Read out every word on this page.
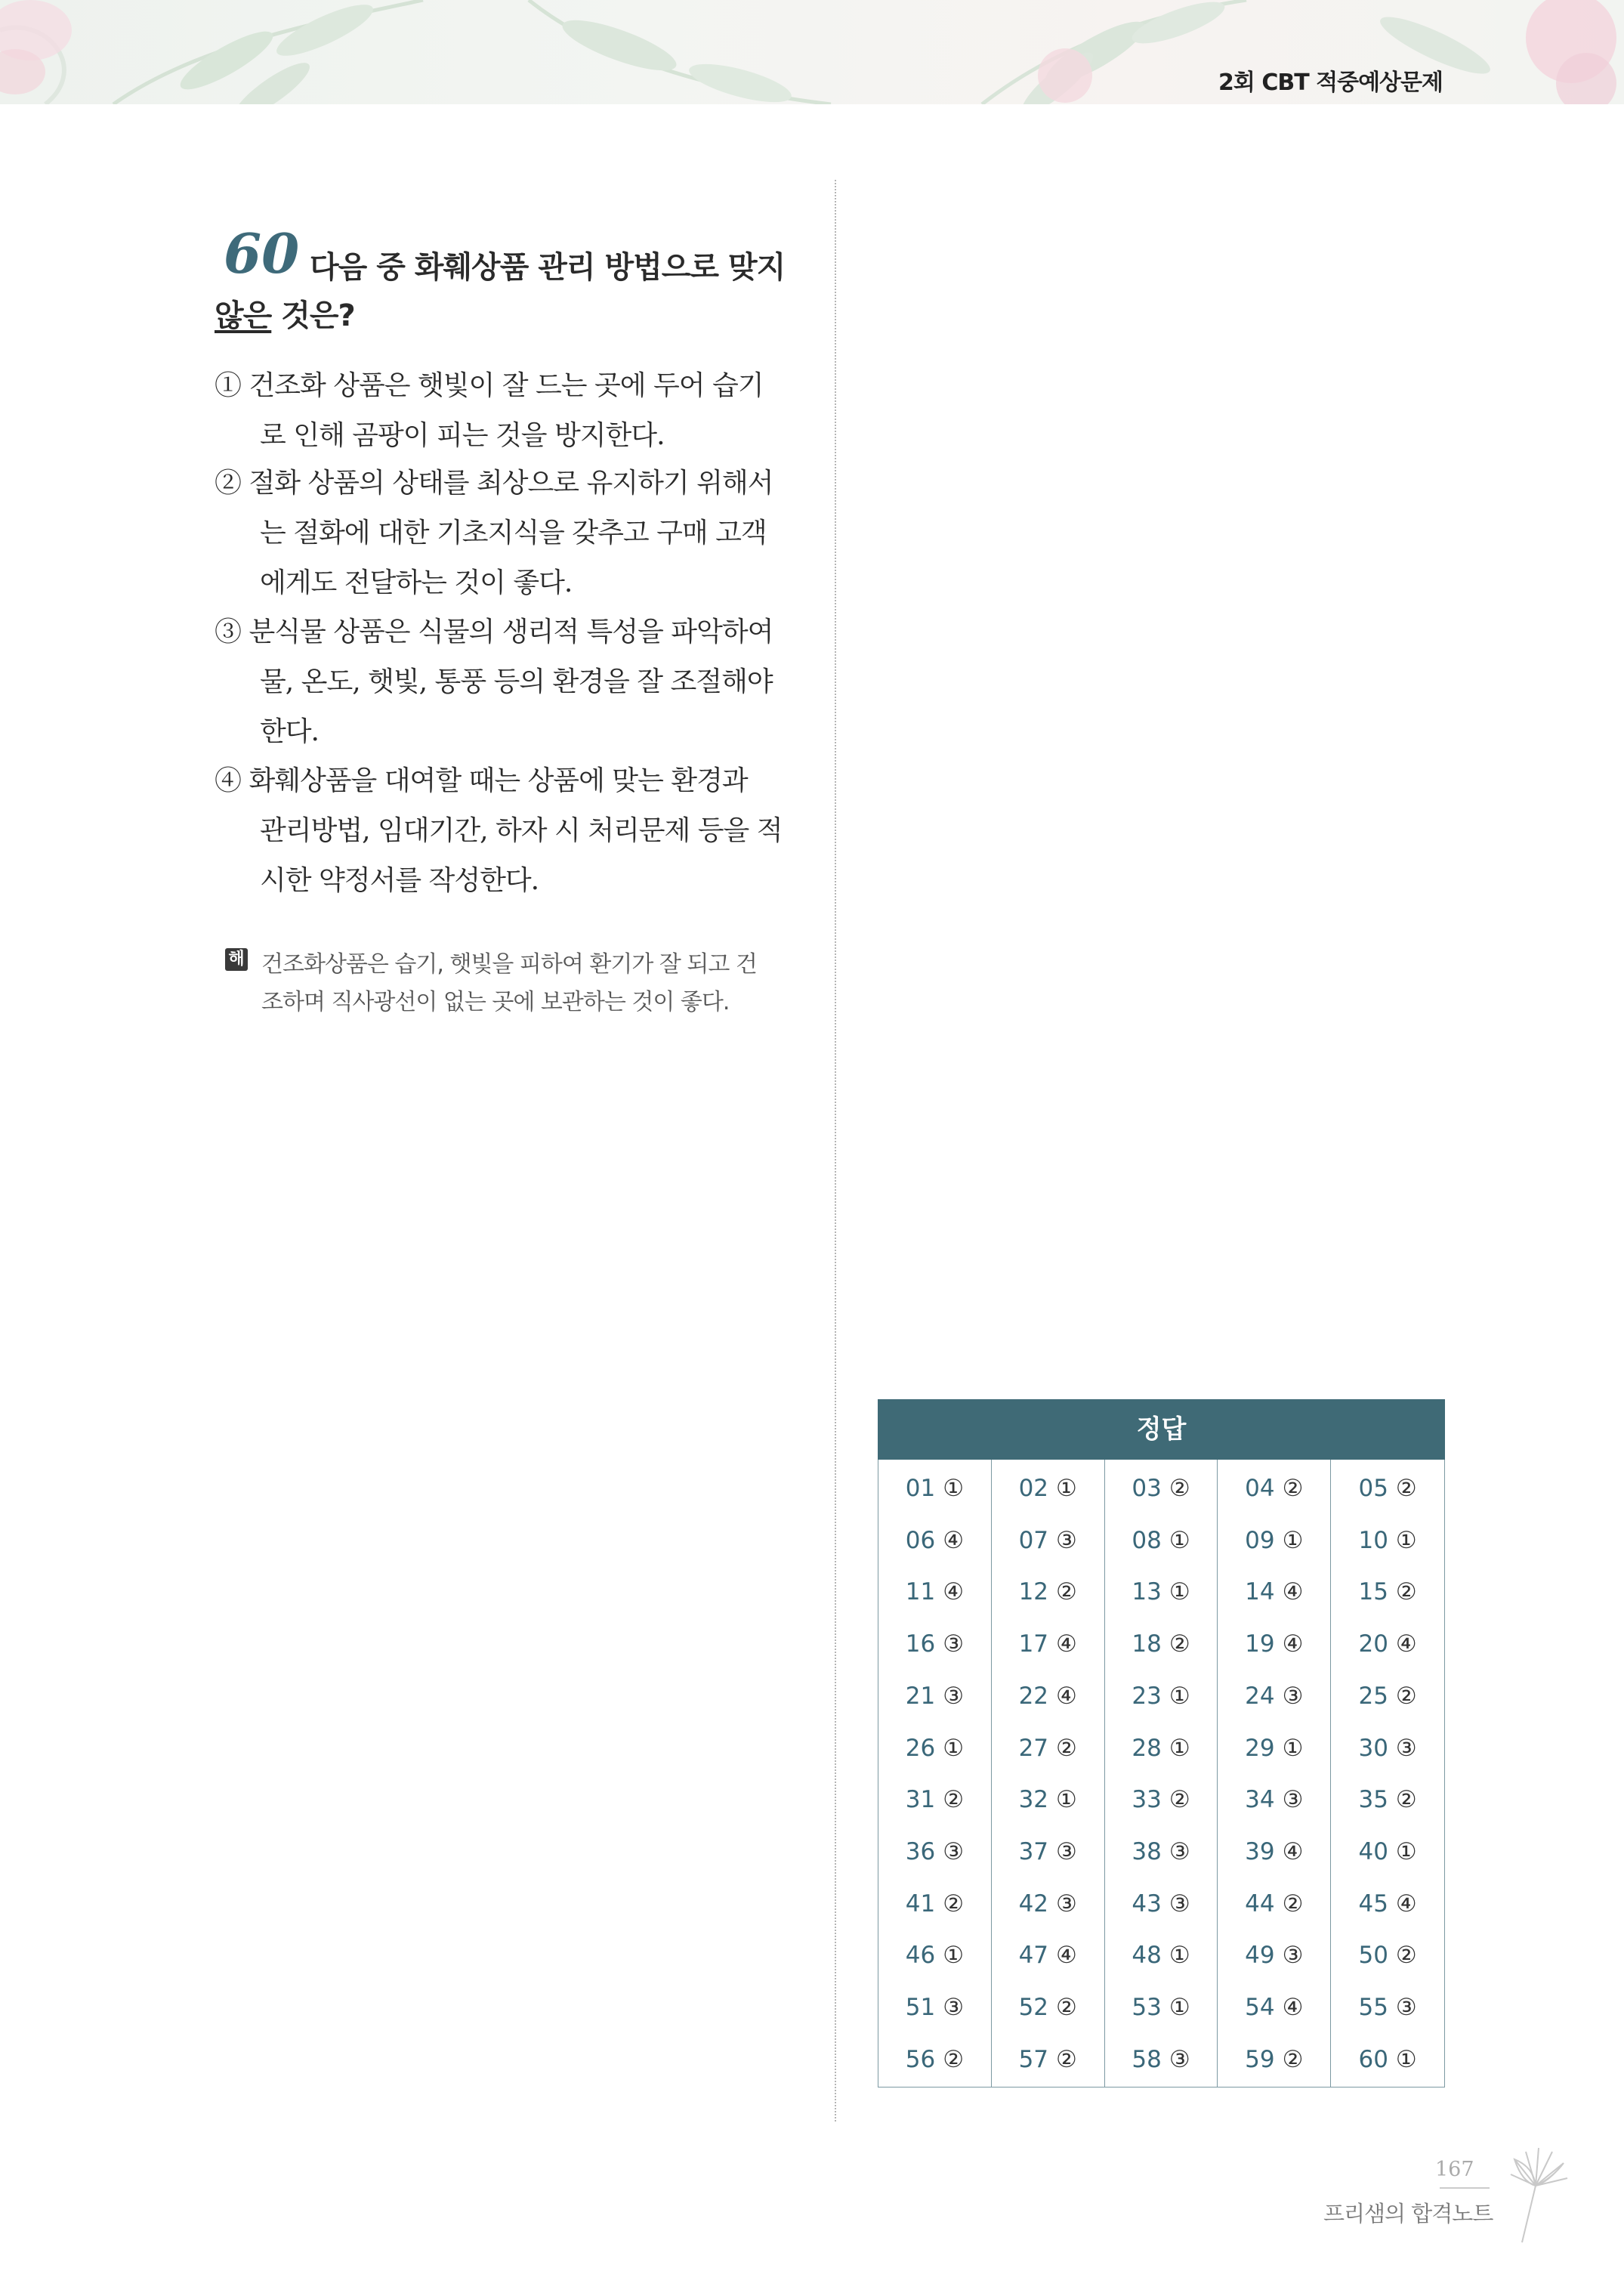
2회 CBT 적중예상문제
60 다음 중 화훼상품 관리 방법으로 맞지
않은 것은?
① 건조화 상품은 햇빛이 잘 드는 곳에 두어 습기
로 인해 곰팡이 피는 것을 방지한다.
② 절화 상품의 상태를 최상으로 유지하기 위해서
는 절화에 대한 기초지식을 갖추고 구매 고객
에게도 전달하는 것이 좋다.
③ 분식물 상품은 식물의 생리적 특성을 파악하여
물, 온도, 햇빛, 통풍 등의 환경을 잘 조절해야
한다.
④ 화훼상품을 대여할 때는 상품에 맞는 환경과
관리방법, 임대기간, 하자 시 처리문제 등을 적
시한 약정서를 작성한다.
해 건조화상품은 습기, 햇빛을 피하여 환기가 잘 되고 건
조하며 직사광선이 없는 곳에 보관하는 것이 좋다.
정답
01 ①
06 ④
11 ④
16 ③
21 ③
26 ①
31 ②
36 ③
41 ②
46 ①
51 ③
56 ②
02 ①
07 ③
12 ②
17 ④
22 ④
27 ②
32 ①
37 ③
42 ③
47 ④
52 ②
57 ②
03 ②
08 ①
13 ①
18 ②
23 ①
28 ①
33 ②
38 ③
43 ③
48 ①
53 ①
58 ③
04 ②
09 ①
14 ④
19 ④
24 ③
29 ①
34 ③
39 ④
44 ②
49 ③
54 ④
59 ②
05 ②
10 ①
15 ②
20 ④
25 ②
30 ③
35 ②
40 ①
45 ④
50 ②
55 ③
60 ①
167
프리샘의 합격노트
